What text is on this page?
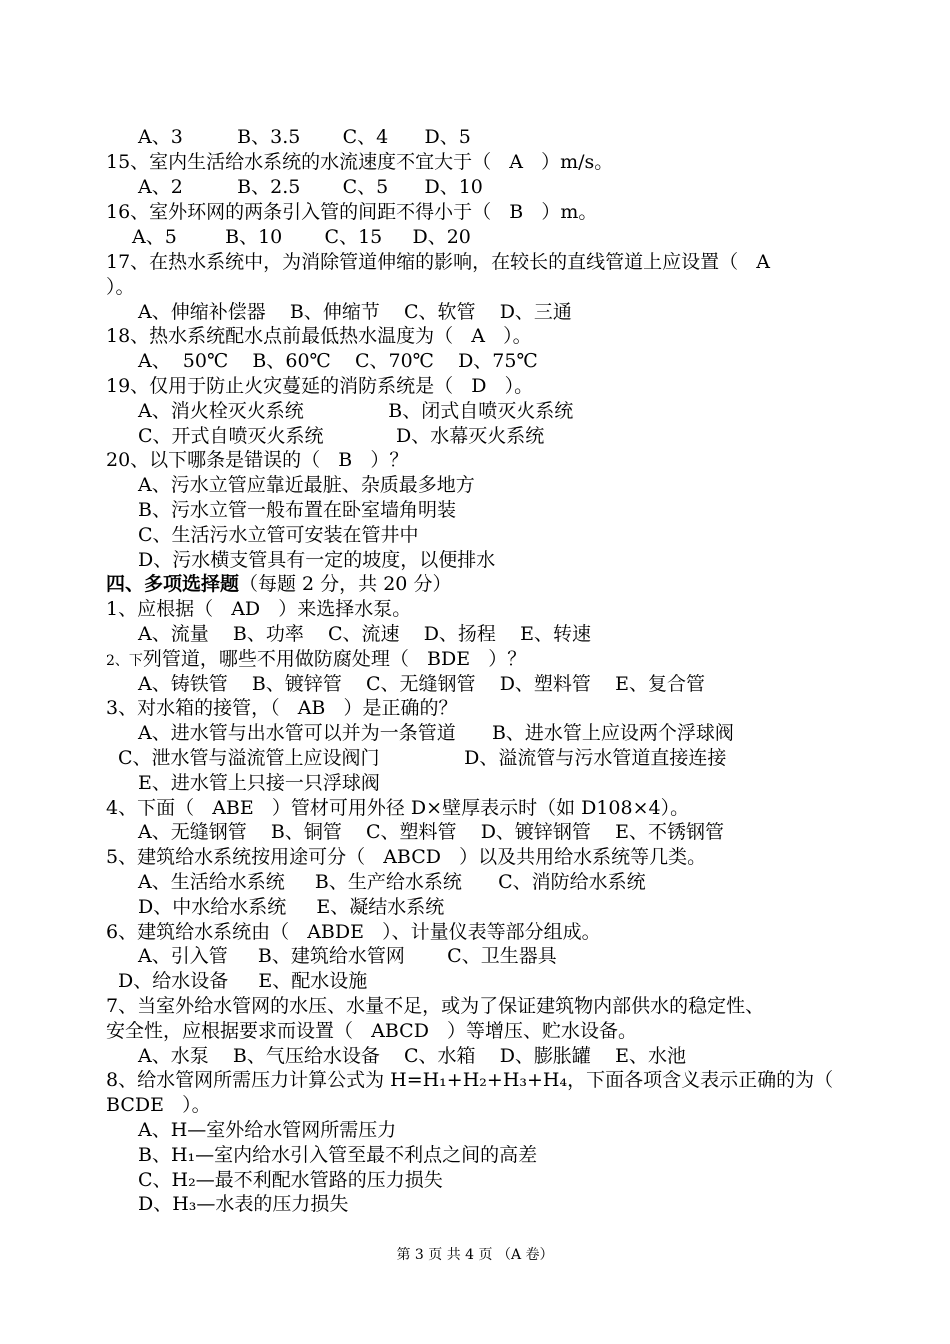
A、3         B、3.5       C、4      D、5
15、室内生活给水系统的水流速度不宜大于（   A   ）m/s。
A、2         B、2.5       C、5      D、10
16、室外环网的两条引入管的间距不得小于（   B   ）m。
A、5        B、10       C、15     D、20
17、在热水系统中，为消除管道伸缩的影响，在较长的直线管道上应设置（   A
）。
A、伸缩补偿器    B、伸缩节    C、软管    D、三通
18、热水系统配水点前最低热水温度为（   A   ）。
A、  50℃    B、60℃    C、70℃    D、75℃
19、仅用于防止火灾蔓延的消防系统是（   D   ）。
A、消火栓灭火系统              B、闭式自喷灭火系统
C、开式自喷灭火系统            D、水幕灭火系统
20、以下哪条是错误的（   B   ）？
A、污水立管应靠近最脏、杂质最多地方
B、污水立管一般布置在卧室墙角明装
C、生活污水立管可安装在管井中
D、污水横支管具有一定的坡度，以便排水
四、多项选择题（每题 2 分，共 20 分）
1、应根据（   AD   ）来选择水泵。
A、流量    B、功率    C、流速    D、扬程    E、转速
2、下列管道，哪些不用做防腐处理（   BDE   ）？
A、铸铁管    B、镀锌管    C、无缝钢管    D、塑料管    E、复合管
3、对水箱的接管，（   AB   ）是正确的？
A、进水管与出水管可以并为一条管道      B、进水管上应设两个浮球阀
C、泄水管与溢流管上应设阀门              D、溢流管与污水管道直接连接
E、进水管上只接一只浮球阀
4、下面（   ABE   ）管材可用外径 D×壁厚表示时（如 D108×4）。
A、无缝钢管    B、铜管    C、塑料管    D、镀锌钢管    E、不锈钢管
5、建筑给水系统按用途可分（   ABCD   ）以及共用给水系统等几类。
A、生活给水系统     B、生产给水系统      C、消防给水系统
D、中水给水系统     E、凝结水系统
6、建筑给水系统由（   ABDE   ）、计量仪表等部分组成。
A、引入管     B、建筑给水管网       C、卫生器具
D、给水设备     E、配水设施
7、当室外给水管网的水压、水量不足，或为了保证建筑物内部供水的稳定性、
安全性，应根据要求而设置（   ABCD   ）等增压、贮水设备。
A、水泵    B、气压给水设备    C、水箱    D、膨胀罐    E、水池
8、给水管网所需压力计算公式为 H=H₁+H₂+H₃+H₄，下面各项含义表示正确的为（
BCDE   ）。
A、H—室外给水管网所需压力
B、H₁—室内给水引入管至最不利点之间的高差
C、H₂—最不利配水管路的压力损失
D、H₃—水表的压力损失
第 3 页 共 4 页 （A 卷）
